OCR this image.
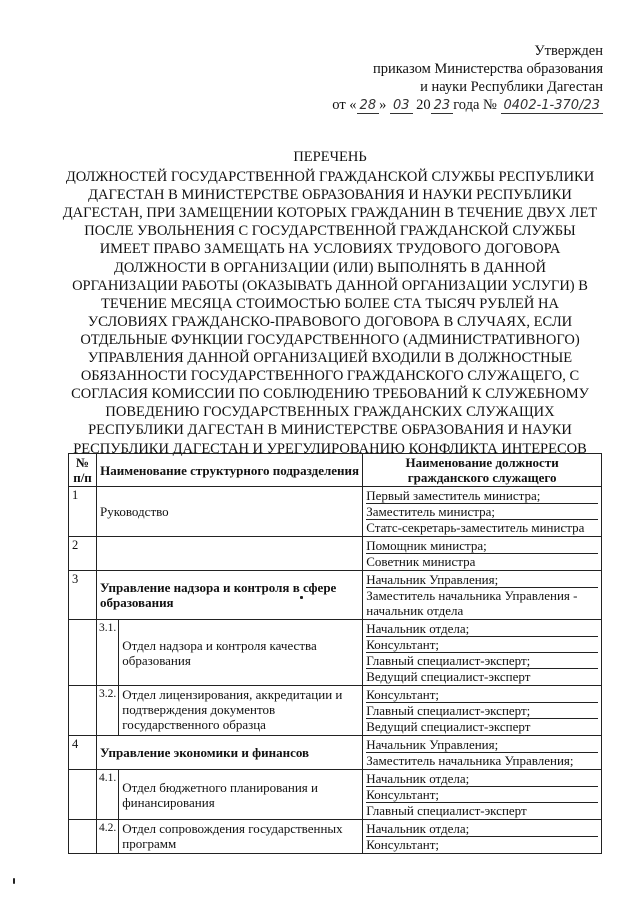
Утвержден
приказом Министерства образования
и науки Республики Дагестан
от « 28 » 03 20 23 года № 0402-1-370/23
ПЕРЕЧЕНЬ
ДОЛЖНОСТЕЙ ГОСУДАРСТВЕННОЙ ГРАЖДАНСКОЙ СЛУЖБЫ РЕСПУБЛИКИ ДАГЕСТАН В МИНИСТЕРСТВЕ ОБРАЗОВАНИЯ И НАУКИ РЕСПУБЛИКИ ДАГЕСТАН, ПРИ ЗАМЕЩЕНИИ КОТОРЫХ ГРАЖДАНИН В ТЕЧЕНИЕ ДВУХ ЛЕТ ПОСЛЕ УВОЛЬНЕНИЯ С ГОСУДАРСТВЕННОЙ ГРАЖДАНСКОЙ СЛУЖБЫ ИМЕЕТ ПРАВО ЗАМЕЩАТЬ НА УСЛОВИЯХ ТРУДОВОГО ДОГОВОРА ДОЛЖНОСТИ В ОРГАНИЗАЦИИ (ИЛИ) ВЫПОЛНЯТЬ В ДАННОЙ ОРГАНИЗАЦИИ РАБОТЫ (ОКАЗЫВАТЬ ДАННОЙ ОРГАНИЗАЦИИ УСЛУГИ) В ТЕЧЕНИЕ МЕСЯЦА СТОИМОСТЬЮ БОЛЕЕ СТА ТЫСЯЧ РУБЛЕЙ НА УСЛОВИЯХ ГРАЖДАНСКО-ПРАВОВОГО ДОГОВОРА В СЛУЧАЯХ, ЕСЛИ ОТДЕЛЬНЫЕ ФУНКЦИИ ГОСУДАРСТВЕННОГО (АДМИНИСТРАТИВНОГО) УПРАВЛЕНИЯ ДАННОЙ ОРГАНИЗАЦИЕЙ ВХОДИЛИ В ДОЛЖНОСТНЫЕ ОБЯЗАННОСТИ ГОСУДАРСТВЕННОГО ГРАЖДАНСКОГО СЛУЖАЩЕГО, С СОГЛАСИЯ КОМИССИИ ПО СОБЛЮДЕНИЮ ТРЕБОВАНИЙ К СЛУЖЕБНОМУ ПОВЕДЕНИЮ ГОСУДАРСТВЕННЫХ ГРАЖДАНСКИХ СЛУЖАЩИХ РЕСПУБЛИКИ ДАГЕСТАН В МИНИСТЕРСТВЕ ОБРАЗОВАНИЯ И НАУКИ РЕСПУБЛИКИ ДАГЕСТАН И УРЕГУЛИРОВАНИЮ КОНФЛИКТА ИНТЕРЕСОВ
№ п/п	Наименование структурного подразделения		Наименование должности гражданского служащего
1	Руководство		Первый заместитель министра;
Заместитель министра;
Статс-секретарь-заместитель министра

2			Помощник министра;
Советник министра

3	Управление надзора и контроля в сфере образования		Начальник Управления;
Заместитель начальника Управления - начальник отдела

	3.1.	Отдел надзора и контроля качества образования	Начальник отдела;
Консультант;
Главный специалист-эксперт;
Ведущий специалист-эксперт

	3.2.	Отдел лицензирования, аккредитации и подтверждения документов государственного образца	Консультант;
Главный специалист-эксперт;
Ведущий специалист-эксперт

4	Управление экономики и финансов		Начальник Управления;
Заместитель начальника Управления;

	4.1.	Отдел бюджетного планирования и финансирования	Начальник отдела;
Консультант;
Главный специалист-эксперт

	4.2.	Отдел сопровождения государственных программ	Начальник отдела;
Консультант;
